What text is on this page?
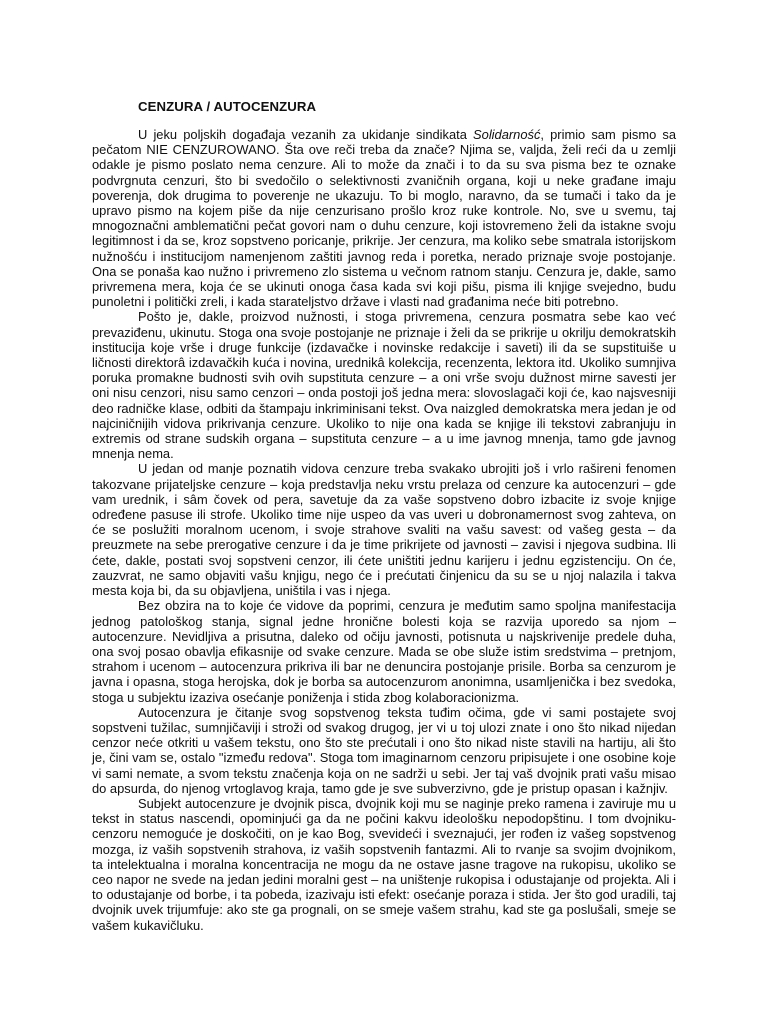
CENZURA / AUTOCENZURA

U jeku poljskih događaja vezanih za ukidanje sindikata Solidarność, primio sam pismo sa pečatom NIE CENZUROWANO. Šta ove reči treba da znače? Njima se, valjda, želi reći da u zemlji odakle je pismo poslato nema cenzure. Ali to može da znači i to da su sva pisma bez te oznake podvrgnuta cenzuri, što bi svedočilo o selektivnosti zvaničnih organa, koji u neke građane imaju poverenja, dok drugima to poverenje ne ukazuju. To bi moglo, naravno, da se tumači i tako da je upravo pismo na kojem piše da nije cenzurisano prošlo kroz ruke kontrole. No, sve u svemu, taj mnogoznačni amblematični pečat govori nam o duhu cenzure, koji istovremeno želi da istakne svoju legitimnost i da se, kroz sopstveno poricanje, prikrije. Jer cenzura, ma koliko sebe smatrala istorijskom nužnošću i institucijom namenjenom zaštiti javnog reda i poretka, nerado priznaje svoje postojanje. Ona se ponaša kao nužno i privremeno zlo sistema u večnom ratnom stanju. Cenzura je, dakle, samo privremena mera, koja će se ukinuti onoga časa kada svi koji pišu, pisma ili knjige svejedno, budu punoletni i politički zreli, i kada starateljstvo države i vlasti nad građanima neće biti potrebno.

Pošto je, dakle, proizvod nužnosti, i stoga privremena, cenzura posmatra sebe kao već prevaziđenu, ukinutu. Stoga ona svoje postojanje ne priznaje i želi da se prikrije u okrilju demokratskih institucija koje vrše i druge funkcije (izdavačke i novinske redakcije i saveti) ili da se supstituiše u ličnosti direktorâ izdavačkih kuća i novina, urednikâ kolekcija, recenzenta, lektora itd. Ukoliko sumnjiva poruka promakne budnosti svih ovih supstituta cenzure – a oni vrše svoju dužnost mirne savesti jer oni nisu cenzori, nisu samo cenzori – onda postoji još jedna mera: slovoslagači koji će, kao najsvesniji deo radničke klase, odbiti da štampaju inkriminisani tekst. Ova naizgled demokratska mera jedan je od najciničnijih vidova prikrivanja cenzure. Ukoliko to nije ona kada se knjige ili tekstovi zabranjuju in extremis od strane sudskih organa – supstituta cenzure – a u ime javnog mnenja, tamo gde javnog mnenja nema.

U jedan od manje poznatih vidova cenzure treba svakako ubrojiti još i vrlo rašireni fenomen takozvane prijateljske cenzure – koja predstavlja neku vrstu prelaza od cenzure ka autocenzuri – gde vam urednik, i sâm čovek od pera, savetuje da za vaše sopstveno dobro izbacite iz svoje knjige određene pasuse ili strofe. Ukoliko time nije uspeo da vas uveri u dobronamernost svog zahteva, on će se poslužiti moralnom ucenom, i svoje strahove svaliti na vašu savest: od vašeg gesta – da preuzmete na sebe prerogative cenzure i da je time prikrijete od javnosti – zavisi i njegova sudbina. Ili ćete, dakle, postati svoj sopstveni cenzor, ili ćete uništiti jednu karijeru i jednu egzistenciju. On će, zauzvrat, ne samo objaviti vašu knjigu, nego će i prećutati činjenicu da su se u njoj nalazila i takva mesta koja bi, da su objavljena, uništila i vas i njega.

Bez obzira na to koje će vidove da poprimi, cenzura je međutim samo spoljna manifestacija jednog patološkog stanja, signal jedne hronične bolesti koja se razvija uporedo sa njom – autocenzure. Nevidljiva a prisutna, daleko od očiju javnosti, potisnuta u najskrivenije predele duha, ona svoj posao obavlja efikasnije od svake cenzure. Mada se obe služe istim sredstvima – pretnjom, strahom i ucenom – autocenzura prikriva ili bar ne denuncira postojanje prisile. Borba sa cenzurom je javna i opasna, stoga herojska, dok je borba sa autocenzurom anonimna, usamljenička i bez svedoka, stoga u subjektu izaziva osećanje poniženja i stida zbog kolaboracionizma.

Autocenzura je čitanje svog sopstvenog teksta tuđim očima, gde vi sami postajete svoj sopstveni tužilac, sumnjičaviji i stroži od svakog drugog, jer vi u toj ulozi znate i ono što nikad nijedan cenzor neće otkriti u vašem tekstu, ono što ste prećutali i ono što nikad niste stavili na hartiju, ali što je, čini vam se, ostalo "između redova". Stoga tom imaginarnom cenzoru pripisujete i one osobine koje vi sami nemate, a svom tekstu značenja koja on ne sadrži u sebi. Jer taj vaš dvojnik prati vašu misao do apsurda, do njenog vrtoglavog kraja, tamo gde je sve subverzivno, gde je pristup opasan i kažnjiv.

Subjekt autocenzure je dvojnik pisca, dvojnik koji mu se naginje preko ramena i zaviruje mu u tekst in status nascendi, opominjući ga da ne počini kakvu ideološku nepodopštinu. I tom dvojniku-cenzoru nemoguće je doskočiti, on je kao Bog, svevideći i sveznajući, jer rođen iz vašeg sopstvenog mozga, iz vaših sopstvenih strahova, iz vaših sopstvenih fantazmi. Ali to rvanje sa svojim dvojnikom, ta intelektualna i moralna koncentracija ne mogu da ne ostave jasne tragove na rukopisu, ukoliko se ceo napor ne svede na jedan jedini moralni gest – na uništenje rukopisa i odustajanje od projekta. Ali i to odustajanje od borbe, i ta pobeda, izazivaju isti efekt: osećanje poraza i stida. Jer što god uradili, taj dvojnik uvek trijumfuje: ako ste ga prognali, on se smeje vašem strahu, kad ste ga poslušali, smeje se vašem kukavičluku.
